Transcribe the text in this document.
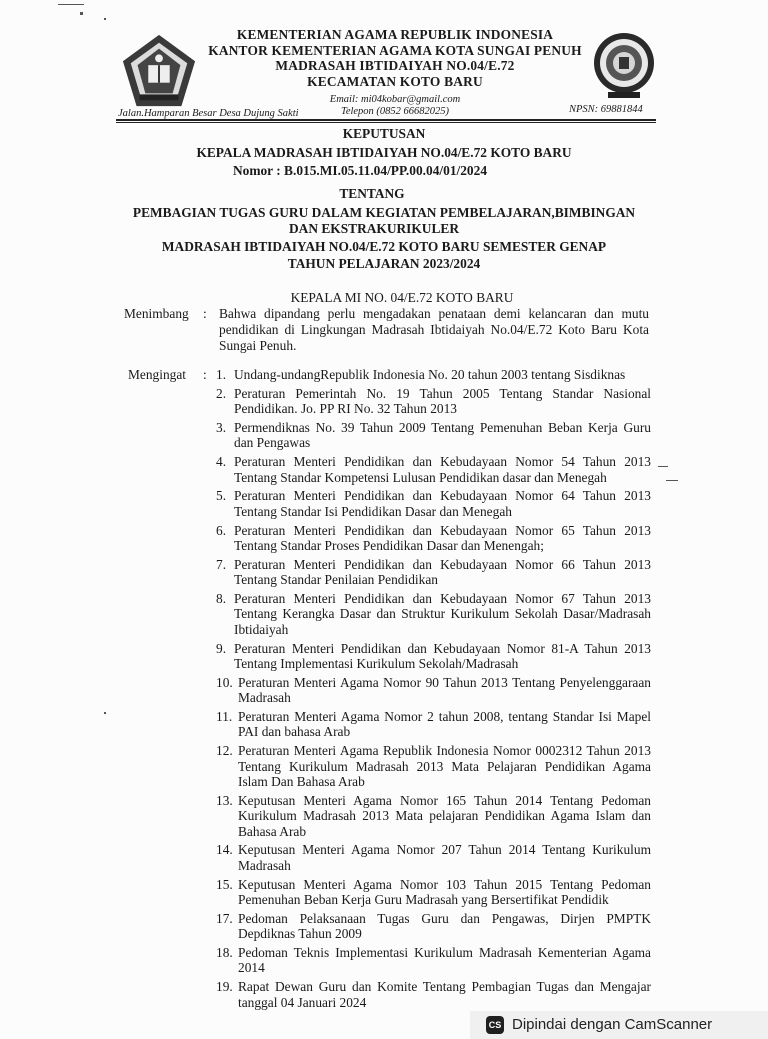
KEMENTERIAN AGAMA REPUBLIK INDONESIA
KANTOR KEMENTERIAN AGAMA KOTA SUNGAI PENUH
MADRASAH IBTIDAIYAH NO.04/E.72
KECAMATAN KOTO BARU
Email: mi04kobar@gmail.com
Telepon (0852 66682025)
Jalan.Hamparan Besar Desa Dujung Sakti	NPSN: 69881844
KEPUTUSAN
KEPALA MADRASAH IBTIDAIYAH NO.04/E.72 KOTO BARU
Nomor : B.015.MI.05.11.04/PP.00.04/01/2024
TENTANG
PEMBAGIAN TUGAS GURU DALAM KEGIATAN PEMBELAJARAN,BIMBINGAN
DAN EKSTRAKURIKULER
MADRASAH IBTIDAIYAH NO.04/E.72 KOTO BARU SEMESTER GENAP
TAHUN PELAJARAN 2023/2024
KEPALA MI NO. 04/E.72 KOTO BARU
Menimbang : Bahwa dipandang perlu mengadakan penataan demi kelancaran dan mutu pendidikan di Lingkungan Madrasah Ibtidaiyah No.04/E.72 Koto Baru Kota Sungai Penuh.
Mengingat : 1. Undang-undangRepublik Indonesia No. 20 tahun 2003 tentang Sisdiknas
2. Peraturan Pemerintah No. 19 Tahun 2005 Tentang Standar Nasional Pendidikan. Jo. PP RI No. 32 Tahun 2013
3. Permendiknas No. 39 Tahun 2009 Tentang Pemenuhan Beban Kerja Guru dan Pengawas
4. Peraturan Menteri Pendidikan dan Kebudayaan Nomor 54 Tahun 2013 Tentang Standar Kompetensi Lulusan Pendidikan dasar dan Menegah
5. Peraturan Menteri Pendidikan dan Kebudayaan Nomor 64 Tahun 2013 Tentang Standar Isi Pendidikan Dasar dan Menegah
6. Peraturan Menteri Pendidikan dan Kebudayaan Nomor 65 Tahun 2013 Tentang Standar Proses Pendidikan Dasar dan Menengah;
7. Peraturan Menteri Pendidikan dan Kebudayaan Nomor 66 Tahun 2013 Tentang Standar Penilaian Pendidikan
8. Peraturan Menteri Pendidikan dan Kebudayaan Nomor 67 Tahun 2013 Tentang Kerangka Dasar dan Struktur Kurikulum Sekolah Dasar/Madrasah Ibtidaiyah
9. Peraturan Menteri Pendidikan dan Kebudayaan Nomor 81-A Tahun 2013 Tentang Implementasi Kurikulum Sekolah/Madrasah
10. Peraturan Menteri Agama Nomor 90 Tahun 2013 Tentang Penyelenggaraan Madrasah
11. Peraturan Menteri Agama Nomor 2 tahun 2008, tentang Standar Isi Mapel PAI dan bahasa Arab
12. Peraturan Menteri Agama Republik Indonesia Nomor 0002312 Tahun 2013 Tentang Kurikulum Madrasah 2013 Mata Pelajaran Pendidikan Agama Islam Dan Bahasa Arab
13. Keputusan Menteri Agama Nomor 165 Tahun 2014 Tentang Pedoman Kurikulum Madrasah 2013 Mata pelajaran Pendidikan Agama Islam dan Bahasa Arab
14. Keputusan Menteri Agama Nomor 207 Tahun 2014 Tentang Kurikulum Madrasah
15. Keputusan Menteri Agama Nomor 103 Tahun 2015 Tentang Pedoman Pemenuhan Beban Kerja Guru Madrasah yang Bersertifikat Pendidik
17. Pedoman Pelaksanaan Tugas Guru dan Pengawas, Dirjen PMPTK Depdiknas Tahun 2009
18. Pedoman Teknis Implementasi Kurikulum Madrasah Kementerian Agama 2014
19. Rapat Dewan Guru dan Komite Tentang Pembagian Tugas dan Mengajar tanggal 04 Januari 2024
CS Dipindai dengan CamScanner
